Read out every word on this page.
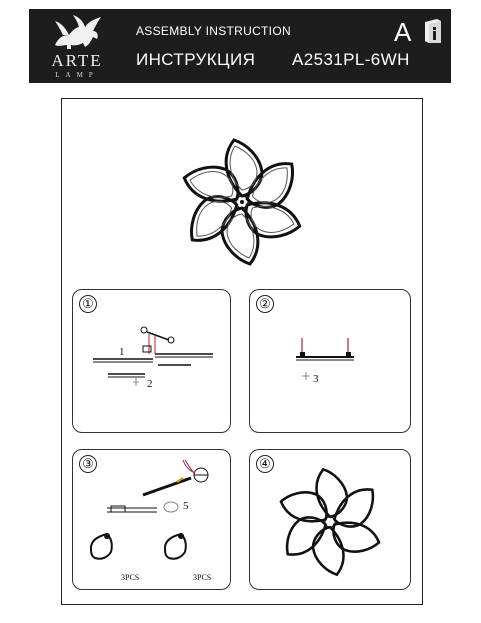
ARTE
LAMP
ASSEMBLY INSTRUCTION
ИНСТРУКЦИЯ A2531PL-6WH
A
①
1
2
②
3
③
5
3PCS	3PCS
④
